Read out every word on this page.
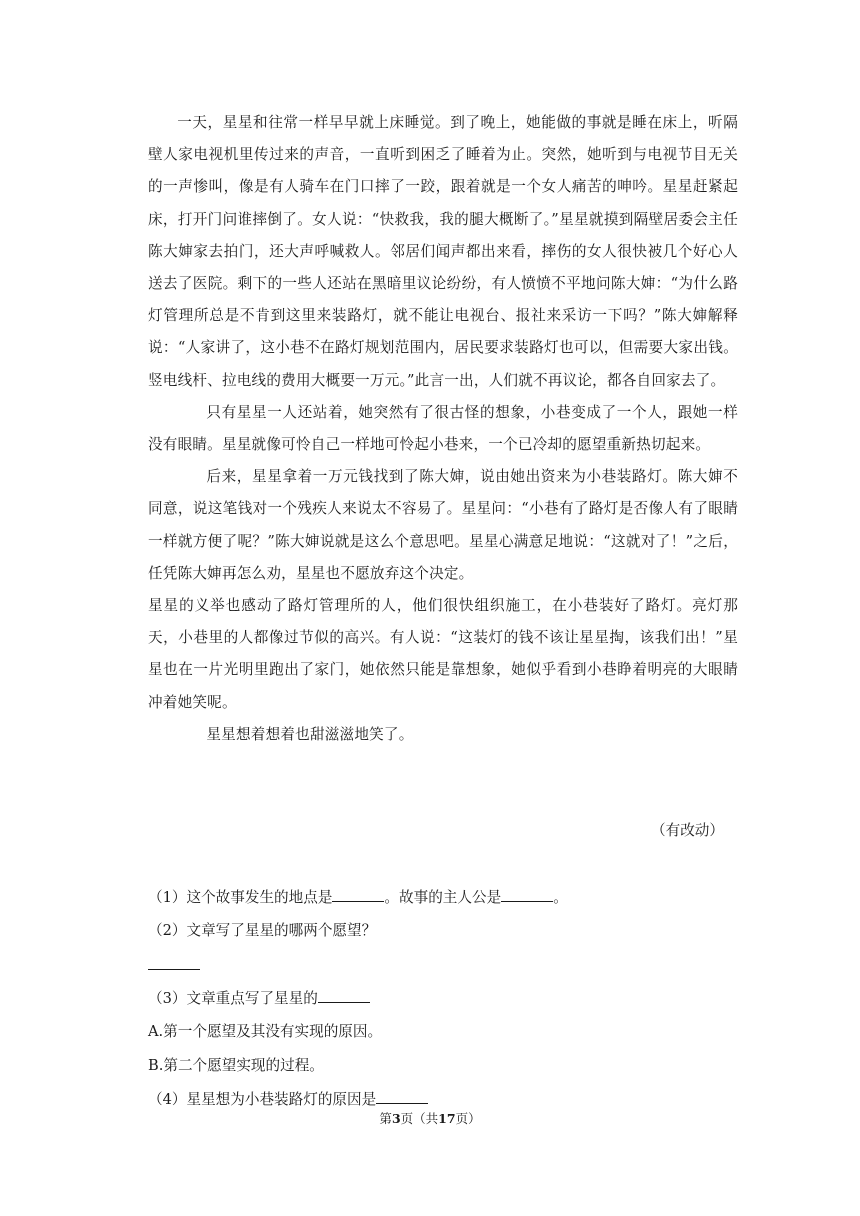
一天，星星和往常一样早早就上床睡觉。到了晚上，她能做的事就是睡在床上，听隔壁人家电视机里传过来的声音，一直听到困乏了睡着为止。突然，她听到与电视节目无关的一声惨叫，像是有人骑车在门口摔了一跤，跟着就是一个女人痛苦的呻吟。星星赶紧起床，打开门问谁摔倒了。女人说：“快救我，我的腿大概断了。”星星就摸到隔壁居委会主任陈大婶家去拍门，还大声呼喊救人。邻居们闻声都出来看，摔伤的女人很快被几个好心人送去了医院。剩下的一些人还站在黑暗里议论纷纷，有人愤愤不平地问陈大婶：“为什么路灯管理所总是不肯到这里来装路灯，就不能让电视台、报社来采访一下吗？”陈大婶解释说：“人家讲了，这小巷不在路灯规划范围内，居民要求装路灯也可以，但需要大家出钱。竖电线杆、拉电线的费用大概要一万元。”此言一出，人们就不再议论，都各自回家去了。

只有星星一人还站着，她突然有了很古怪的想象，小巷变成了一个人，跟她一样没有眼睛。星星就像可怜自己一样地可怜起小巷来，一个已冷却的愿望重新热切起来。

后来，星星拿着一万元钱找到了陈大婶，说由她出资来为小巷装路灯。陈大婶不同意，说这笔钱对一个残疾人来说太不容易了。星星问：“小巷有了路灯是否像人有了眼睛一样就方便了呢？”陈大婶说就是这么个意思吧。星星心满意足地说：“这就对了！”之后，任凭陈大婶再怎么劝，星星也不愿放弃这个决定。

星星的义举也感动了路灯管理所的人，他们很快组织施工，在小巷装好了路灯。亮灯那天，小巷里的人都像过节似的高兴。有人说：“这装灯的钱不该让星星掏，该我们出！”星星也在一片光明里跑出了家门，她依然只能是靠想象，她似乎看到小巷睁着明亮的大眼睛冲着她笑呢。

星星想着想着也甜滋滋地笑了。

（有改动）
（1）这个故事发生的地点是	。故事的主人公是	。
（2）文章写了星星的哪两个愿望？
（3）文章重点写了星星的
A.第一个愿望及其没有实现的原因。
B.第二个愿望实现的过程。
（4）星星想为小巷装路灯的原因是
第3页（共17页）
